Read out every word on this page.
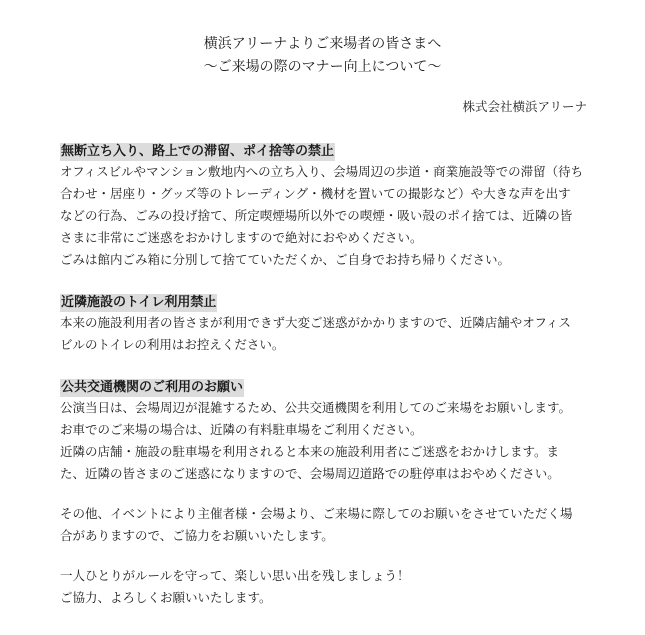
横浜アリーナよりご来場者の皆さまへ
～ご来場の際のマナー向上について～
株式会社横浜アリーナ
無断立ち入り、路上での滞留、ポイ捨等の禁止

オフィスビルやマンション敷地内への立ち入り、会場周辺の歩道・商業施設等での滞留（待ち

合わせ・居座り・グッズ等のトレーディング・機材を置いての撮影など）や大きな声を出す

などの行為、ごみの投げ捨て、所定喫煙場所以外での喫煙・吸い殻のポイ捨ては、近隣の皆

さまに非常にご迷惑をおかけしますので絶対におやめください。

ごみは館内ごみ箱に分別して捨てていただくか、ご自身でお持ち帰りください。

近隣施設のトイレ利用禁止

本来の施設利用者の皆さまが利用できず大変ご迷惑がかかりますので、近隣店舗やオフィス

ビルのトイレの利用はお控えください。

公共交通機関のご利用のお願い

公演当日は、会場周辺が混雑するため、公共交通機関を利用してのご来場をお願いします。

お車でのご来場の場合は、近隣の有料駐車場をご利用ください。

近隣の店舗・施設の駐車場を利用されると本来の施設利用者にご迷惑をおかけします。ま

た、近隣の皆さまのご迷惑になりますので、会場周辺道路での駐停車はおやめください。

その他、イベントにより主催者様・会場より、ご来場に際してのお願いをさせていただく場

合がありますので、ご協力をお願いいたします。

一人ひとりがルールを守って、楽しい思い出を残しましょう！

ご協力、よろしくお願いいたします。
